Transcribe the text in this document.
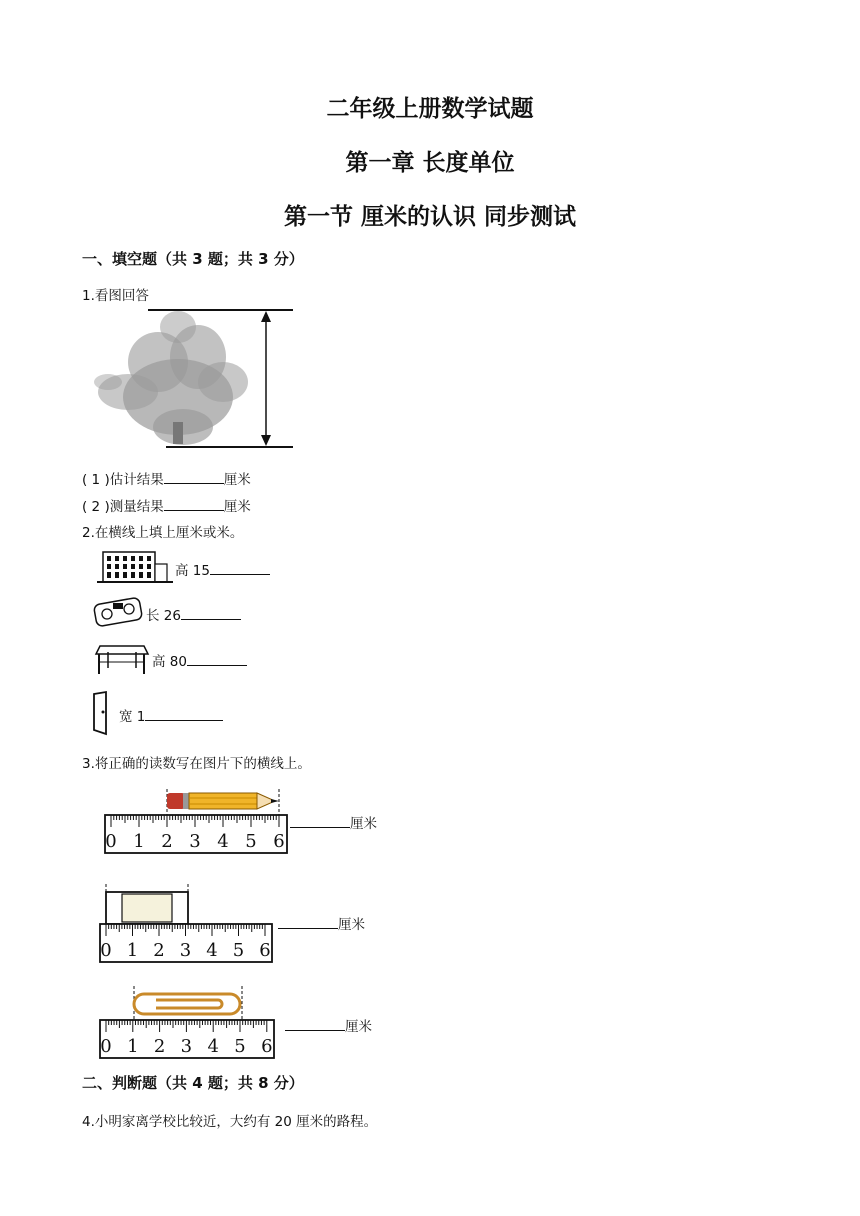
二年级上册数学试题
第一章 长度单位
第一节 厘米的认识 同步测试
一、填空题（共 3 题；共 3 分）
1.看图回答
( 1 )估计结果	厘米
( 2 )测量结果	厘米
2.在横线上填上厘米或米。
高 15
长 26
高 80
宽 1
3.将正确的读数写在图片下的横线上。
0 1 2 3 4 5 6
厘米
0 1 2 3 4 5 6
厘米
0 1 2 3 4 5 6
厘米
二、判断题（共 4 题；共 8 分）
4.小明家离学校比较近，大约有 20 厘米的路程。
